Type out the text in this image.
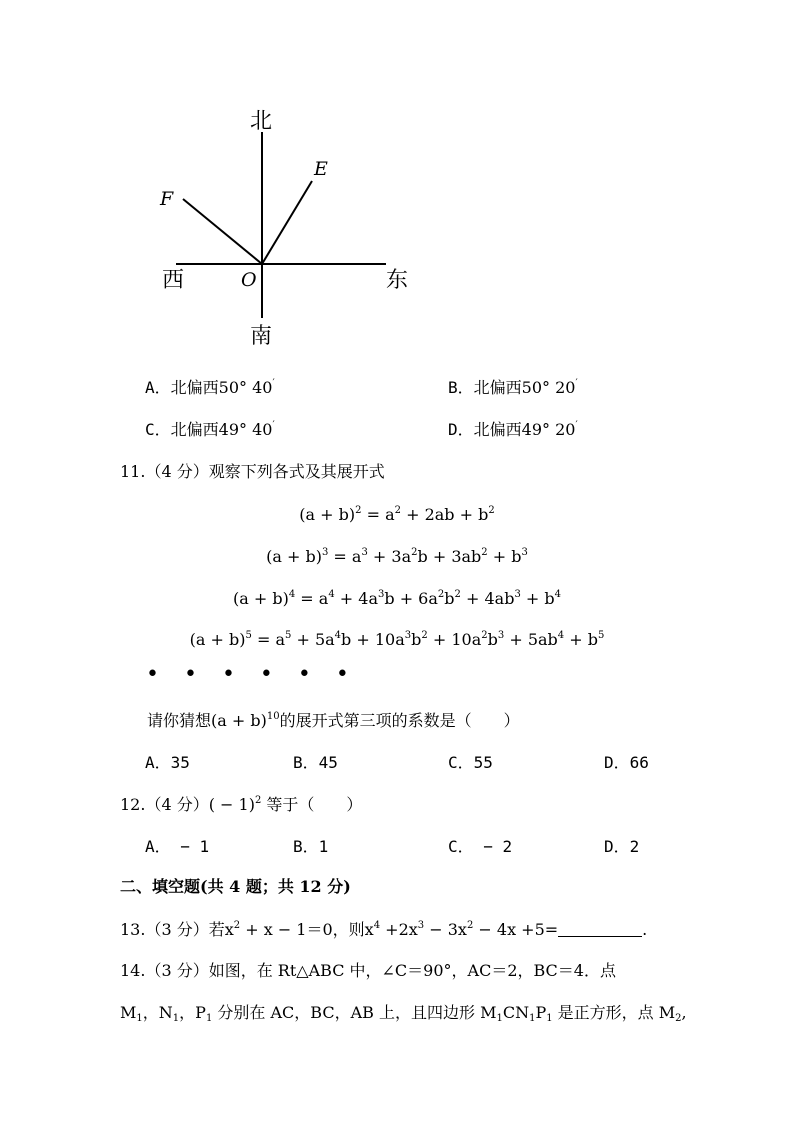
北
南
西	东
O
E
F
A．北偏西50° 40′	B．北偏西50° 20′
C．北偏西49° 40′	D．北偏西49° 20′
11.（4 分）观察下列各式及其展开式
$(a + b)^2 = a^2 + 2ab + b^2$
$(a + b)^3 = a^3 + 3a^2b + 3ab^2 + b^3$
$(a + b)^4 = a^4 + 4a^3b + 6a^2b^2 + 4ab^3 + b^4$
$(a + b)^5 = a^5 + 5a^4b + 10a^3b^2 + 10a^2b^3 + 5ab^4 + b^5$
• • • • • •
请你猜想$(a + b)^{10}$的展开式第三项的系数是（　　）
A．35	B．45	C．55	D．66
12.（4 分）( − 1)$^2$ 等于（　　）
A． − 1	B．1	C． − 2	D．2
二、填空题(共 4 题；共 12 分)
13.（3 分）若$x^2 + x - 1=0$，则$x^4 +2x^3 - 3x^2 - 4x +5=$	.
14.（3 分）如图，在 Rt△ABC 中，∠C＝90°，AC＝2，BC＝4．点
$M_1$，$N_1$，$P_1$ 分别在 AC，BC，AB 上，且四边形 $M_1CN_1P_1$ 是正方形，点 $M_2$,
